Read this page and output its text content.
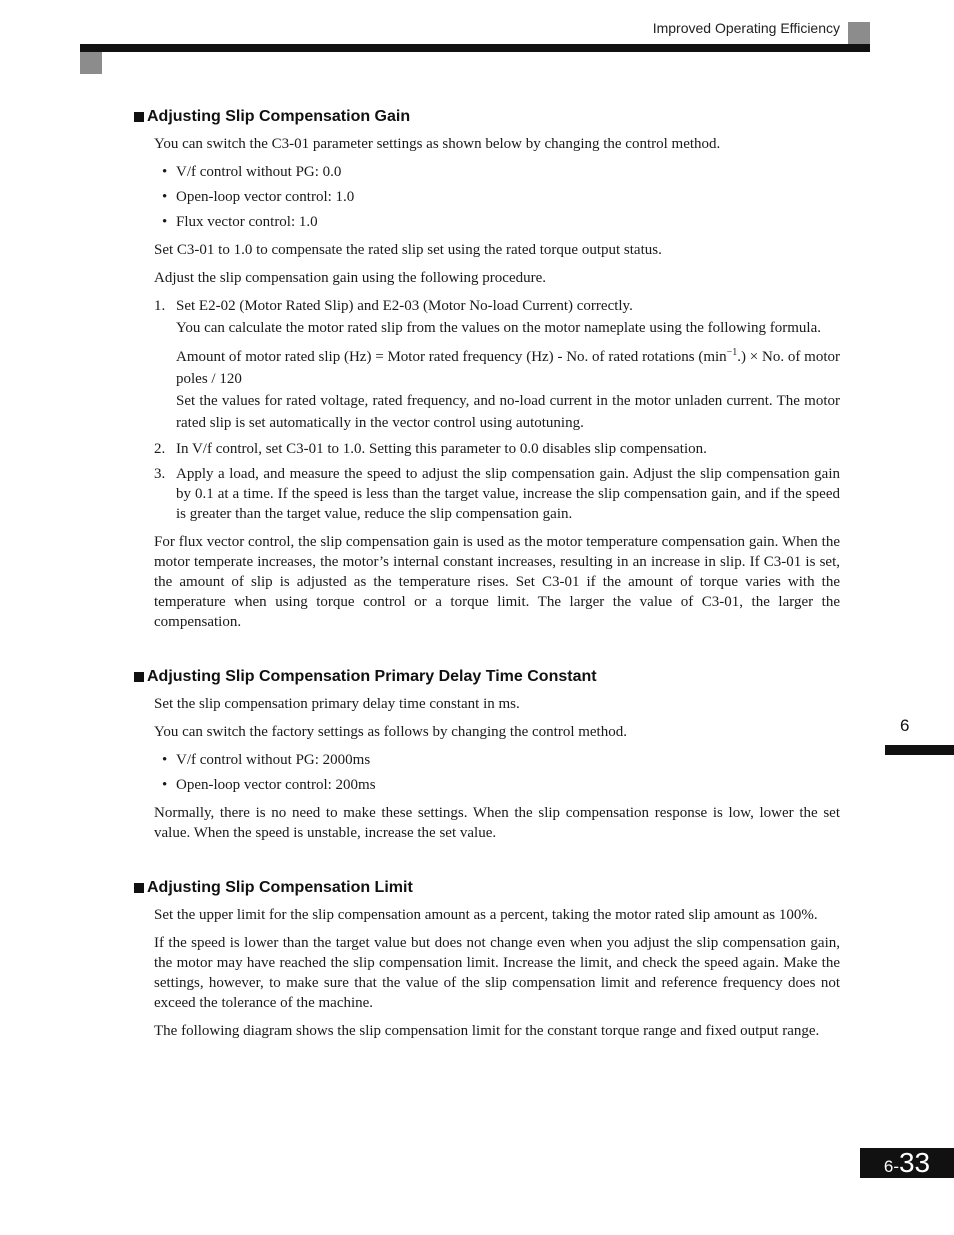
Improved Operating Efficiency
6
6- 33
Adjusting Slip Compensation Gain

You can switch the C3-01 parameter settings as shown below by changing the control method.

• V/f control without PG: 0.0
• Open-loop vector control: 1.0
• Flux vector control: 1.0

Set C3-01 to 1.0 to compensate the rated slip set using the rated torque output status.

Adjust the slip compensation gain using the following procedure.

1. Set E2-02 (Motor Rated Slip) and E2-03 (Motor No-load Current) correctly.
You can calculate the motor rated slip from the values on the motor nameplate using the following formula.
Amount of motor rated slip (Hz) = Motor rated frequency (Hz) - No. of rated rotations $(\min^{-1}.) \times No$. of motor poles / 120
Set the values for rated voltage, rated frequency, and no-load current in the motor unladen current. The motor rated slip is set automatically in the vector control using autotuning.
2. In V/f control, set C3-01 to 1.0. Setting this parameter to 0.0 disables slip compensation.
3. Apply a load, and measure the speed to adjust the slip compensation gain. Adjust the slip compensation gain by 0.1 at a time. If the speed is less than the target value, increase the slip compensation gain, and if the speed is greater than the target value, reduce the slip compensation gain.

For flux vector control, the slip compensation gain is used as the motor temperature compensation gain. When the motor temperate increases, the motor’s internal constant increases, resulting in an increase in slip. If C3-01 is set, the amount of slip is adjusted as the temperature rises. Set C3-01 if the amount of torque varies with the temperature when using torque control or a torque limit. The larger the value of C3-01, the larger the compensation.

Adjusting Slip Compensation Primary Delay Time Constant

Set the slip compensation primary delay time constant in ms.

You can switch the factory settings as follows by changing the control method.

• V/f control without PG: 2000ms
• Open-loop vector control: 200ms

Normally, there is no need to make these settings. When the slip compensation response is low, lower the set value. When the speed is unstable, increase the set value.

Adjusting Slip Compensation Limit

Set the upper limit for the slip compensation amount as a percent, taking the motor rated slip amount as 100%.

If the speed is lower than the target value but does not change even when you adjust the slip compensation gain, the motor may have reached the slip compensation limit. Increase the limit, and check the speed again. Make the settings, however, to make sure that the value of the slip compensation limit and reference frequency does not exceed the tolerance of the machine.

The following diagram shows the slip compensation limit for the constant torque range and fixed output range.
